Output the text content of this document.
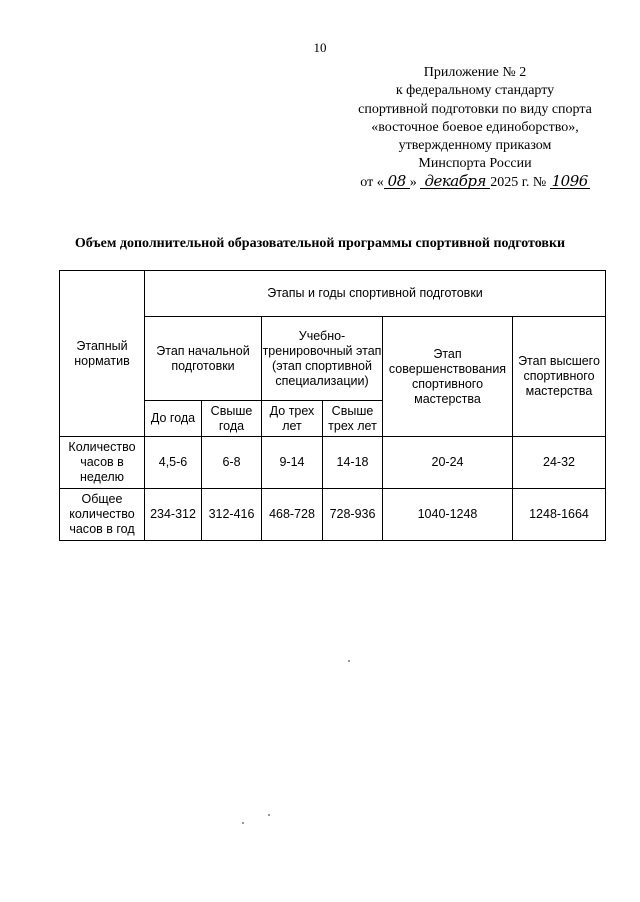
10
Приложение № 2
к федеральному стандарту
спортивной подготовки по виду спорта
«восточное боевое единоборство»,
утвержденному приказом
Минспорта России
от « 08 » декабря 2025 г. № 1096
Объем дополнительной образовательной программы спортивной подготовки
Этапный норматив	Этапы и годы спортивной подготовки					
	Этап начальной подготовки		Учебно-тренировочный этап (этап спортивной специализации)		Этап совершенствования спортивного мастерства	Этап высшего спортивного мастерства
	До года	Свыше года	До трех лет	Свыше трех лет		
Количество часов в неделю	4,5-6	6-8	9-14	14-18	20-24	24-32
Общее количество часов в год	234-312	312-416	468-728	728-936	1040-1248	1248-1664
